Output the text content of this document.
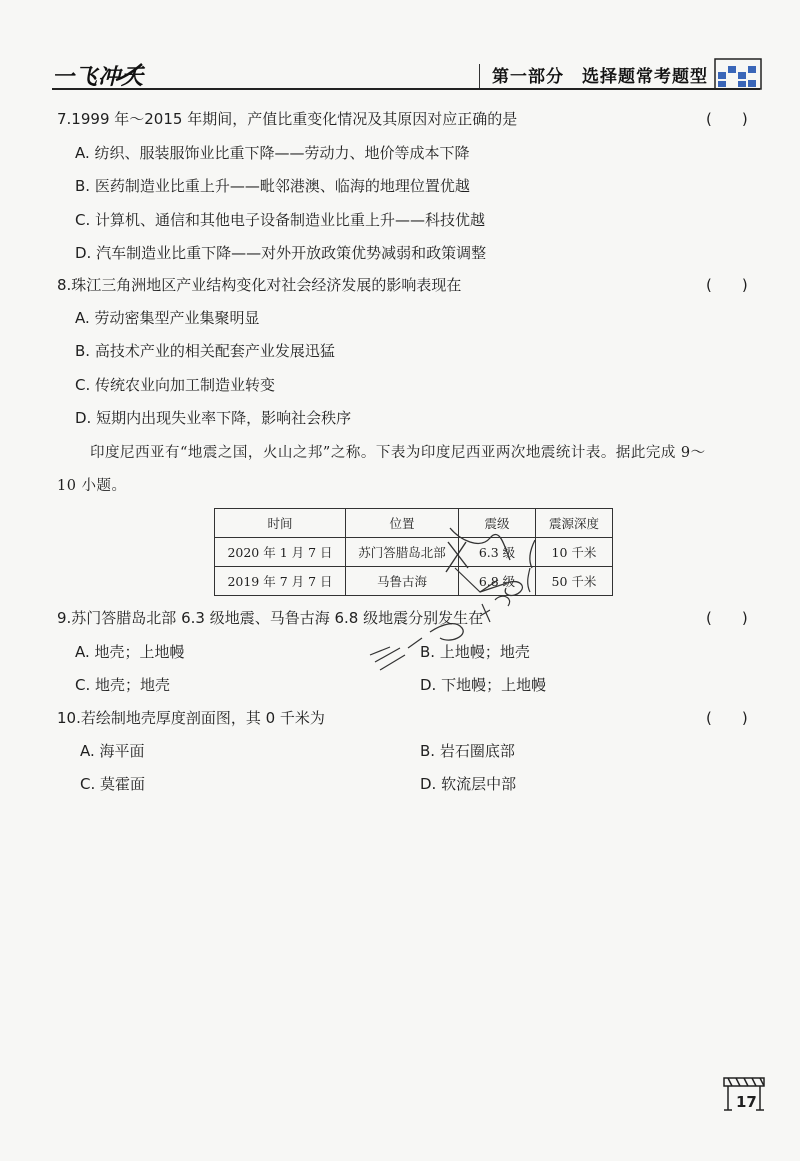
一飞冲天	第一部分 选择题常考题型
7.1999 年～2015 年期间，产值比重变化情况及其原因对应正确的是	(　　)
A. 纺织、服装服饰业比重下降——劳动力、地价等成本下降
B. 医药制造业比重上升——毗邻港澳、临海的地理位置优越
C. 计算机、通信和其他电子设备制造业比重上升——科技优越
D. 汽车制造业比重下降——对外开放政策优势减弱和政策调整
8.珠江三角洲地区产业结构变化对社会经济发展的影响表现在	(　　)
A. 劳动密集型产业集聚明显
B. 高技术产业的相关配套产业发展迅猛
C. 传统农业向加工制造业转变
D. 短期内出现失业率下降，影响社会秩序
印度尼西亚有“地震之国，火山之邦”之称。下表为印度尼西亚两次地震统计表。据此完成 9～
10 小题。
时间	位置	震级	震源深度
2020 年 1 月 7 日	苏门答腊岛北部	6.3 级	10 千米
2019 年 7 月 7 日	马鲁古海	6.8 级	50 千米
9.苏门答腊岛北部 6.3 级地震、马鲁古海 6.8 级地震分别发生在	(　　)
A. 地壳；上地幔	B. 上地幔；地壳
C. 地壳；地壳	D. 下地幔；上地幔
10.若绘制地壳厚度剖面图，其 0 千米为	(　　)
A. 海平面	B. 岩石圈底部
C. 莫霍面	D. 软流层中部
17
